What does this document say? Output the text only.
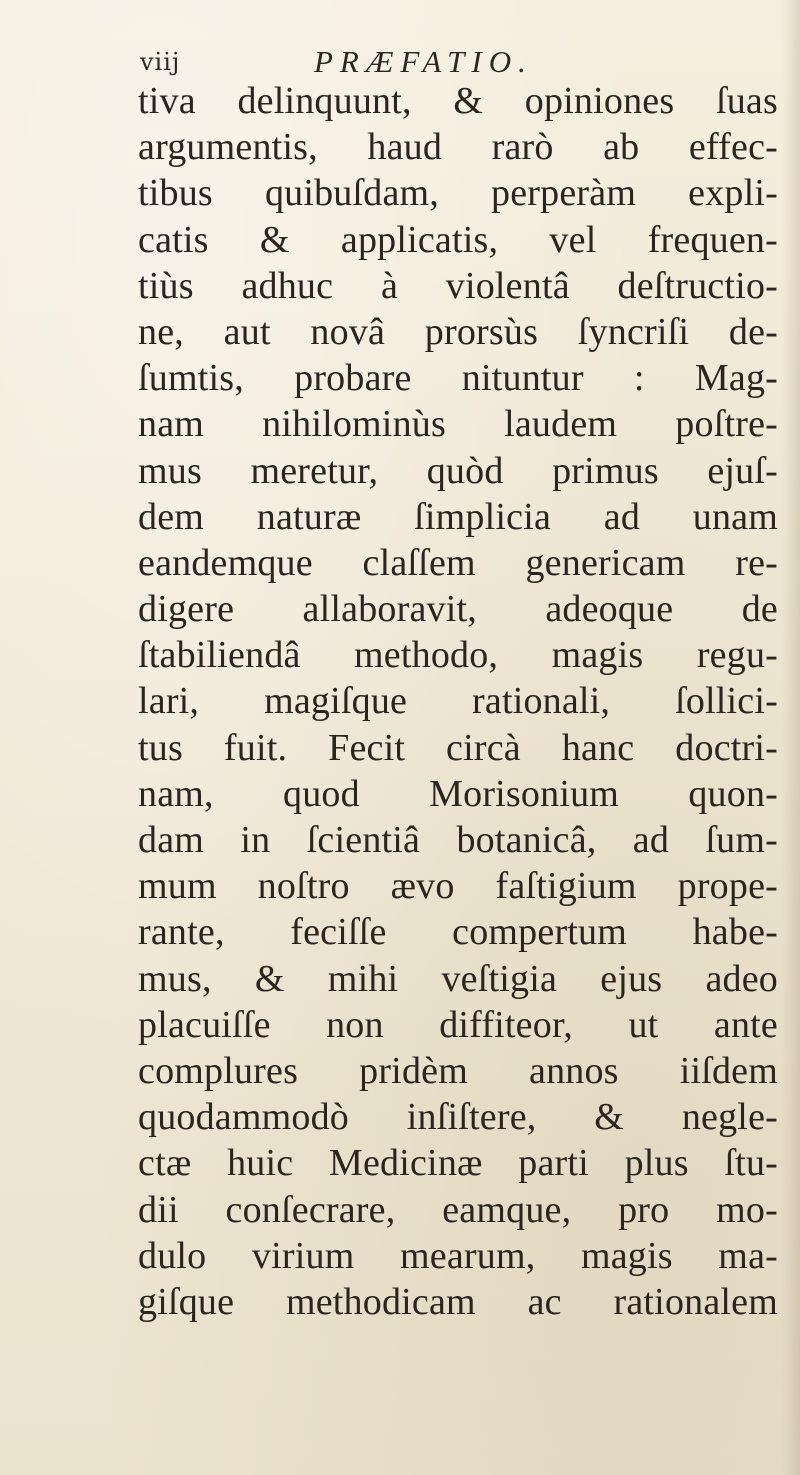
viij	PRÆFATIO.
tiva delinquunt, & opiniones ſuas
argumentis, haud rarò ab effec-
tibus quibuſdam, perperàm expli-
catis & applicatis, vel frequen-
tiùs adhuc à violentâ deſtructio-
ne, aut novâ prorsùs ſyncriſi de-
ſumtis, probare nituntur : Mag-
nam nihilominùs laudem poſtre-
mus meretur, quòd primus ejuſ-
dem naturæ ſimplicia ad unam
eandemque claſſem genericam re-
digere allaboravit, adeoque de
ſtabiliendâ methodo, magis regu-
lari, magiſque rationali, ſollici-
tus fuit. Fecit circà hanc doctri-
nam, quod Morisonium quon-
dam in ſcientiâ botanicâ, ad ſum-
mum noſtro ævo faſtigium prope-
rante, feciſſe compertum habe-
mus, & mihi veſtigia ejus adeo
placuiſſe non diffiteor, ut ante
complures pridèm annos iiſdem
quodammodò inſiſtere, & negle-
ctæ huic Medicinæ parti plus ſtu-
dii conſecrare, eamque, pro mo-
dulo virium mearum, magis ma-
giſque methodicam ac rationalem
